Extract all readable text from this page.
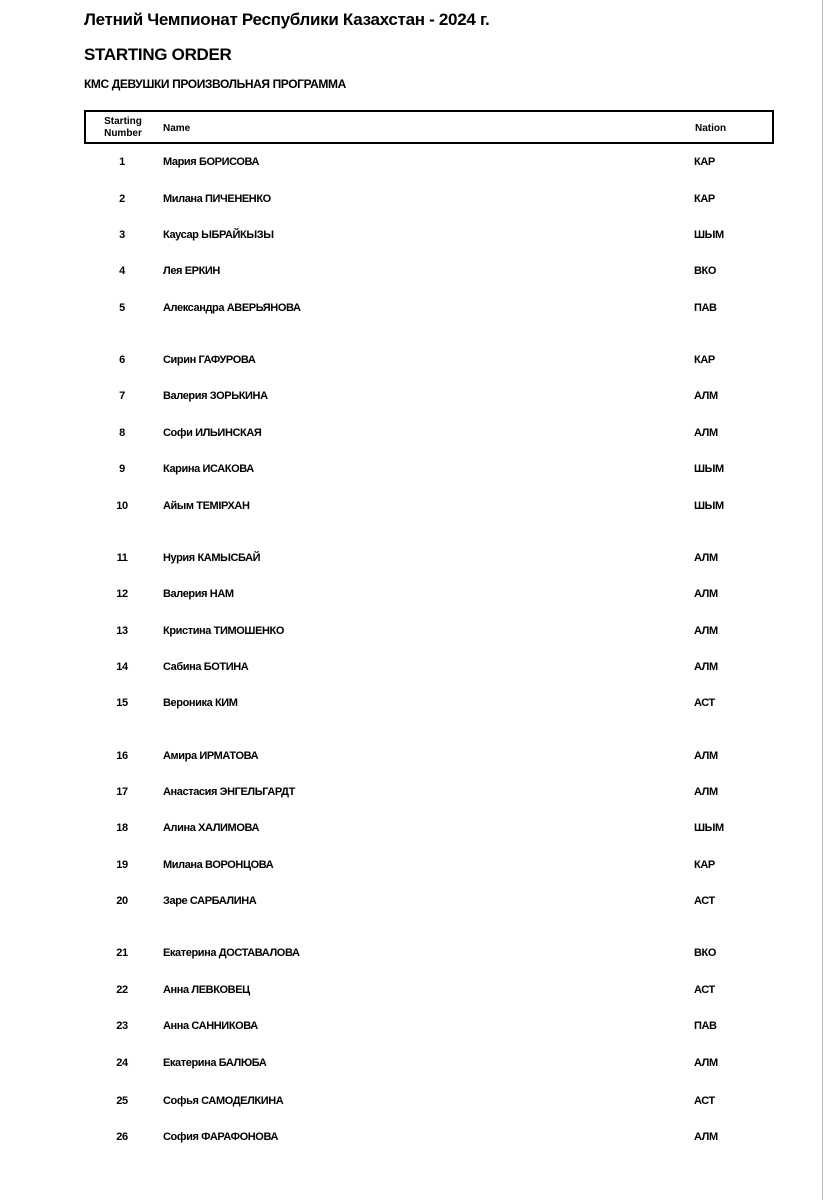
Летний Чемпионат Республики Казахстан - 2024 г.
STARTING ORDER
КМС ДЕВУШКИ ПРОИЗВОЛЬНАЯ ПРОГРАММА
Starting Number	Name	Nation
1	Мария БОРИСОВА	КАР
2	Милана ПИЧЕНЕНКО	КАР
3	Каусар ЫБРАЙКЫЗЫ	ШЫМ
4	Лея ЕРКИН	ВКО
5	Александра АВЕРЬЯНОВА	ПАВ
6	Сирин ГАФУРОВА	КАР
7	Валерия ЗОРЬКИНА	АЛМ
8	Софи ИЛЬИНСКАЯ	АЛМ
9	Карина ИСАКОВА	ШЫМ
10	Айым ТЕМІРХАН	ШЫМ
11	Нурия КАМЫСБАЙ	АЛМ
12	Валерия НАМ	АЛМ
13	Кристина ТИМОШЕНКО	АЛМ
14	Сабина БОТИНА	АЛМ
15	Вероника КИМ	АСТ
16	Амира ИРМАТОВА	АЛМ
17	Анастасия ЭНГЕЛЬГАРДТ	АЛМ
18	Алина ХАЛИМОВА	ШЫМ
19	Милана ВОРОНЦОВА	КАР
20	Заре САРБАЛИНА	АСТ
21	Екатерина ДОСТАВАЛОВА	ВКО
22	Анна ЛЕВКОВЕЦ	АСТ
23	Анна САННИКОВА	ПАВ
24	Екатерина БАЛЮБА	АЛМ
25	Софья САМОДЕЛКИНА	АСТ
26	София ФАРАФОНОВА	АЛМ
